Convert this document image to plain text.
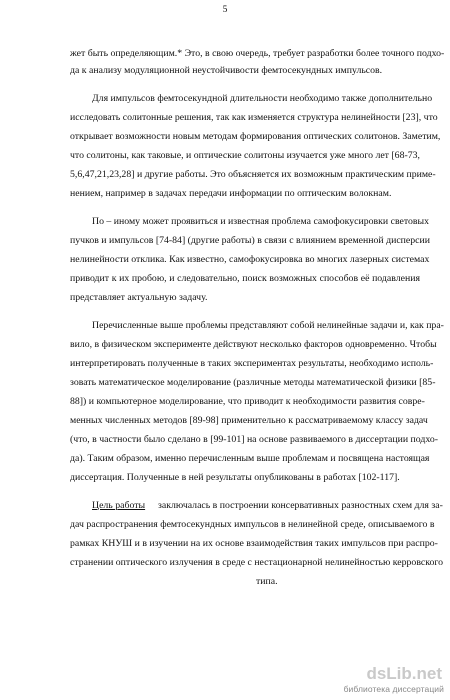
5
жет быть определяющим.* Это, в свою очередь, требует разработки более точного подхо-
да к анализу модуляционной неустойчивости фемтосекундных импульсов.
Для импульсов фемтосекундной длительности необходимо также дополнительно
исследовать солитонные решения, так как изменяется структура нелинейности [23], что
открывает возможности новым методам формирования оптических солитонов. Заметим,
что солитоны, как таковые, и оптические солитоны изучается уже много лет [68-73,
5,6,47,21,23,28] и другие работы. Это объясняется их возможным практическим приме-
нением, например в задачах передачи информации по оптическим волокнам.
По – иному может проявиться и известная проблема самофокусировки световых
пучков и импульсов [74-84] (другие работы) в связи с влиянием временной дисперсии
нелинейности отклика. Как известно, самофокусировка во многих лазерных системах
приводит к их пробою, и следовательно, поиск возможных способов её подавления
представляет актуальную задачу.
Перечисленные выше проблемы представляют собой нелинейные задачи и, как пра-
вило, в физическом эксперименте действуют несколько факторов одновременно. Чтобы
интерпретировать полученные в таких экспериментах результаты, необходимо исполь-
зовать математическое моделирование (различные методы математической физики [85-
88]) и компьютерное моделирование, что приводит к необходимости развития совре-
менных численных методов [89-98] применительно к рассматриваемому классу задач
(что, в частности было сделано в [99-101] на основе развиваемого в диссертации подхо-
да). Таким образом, именно перечисленным выше проблемам и посвящена настоящая
диссертация. Полученные в ней результаты опубликованы в работах [102-117].
Цель работы заключалась в построении консервативных разностных схем для за-
дач распространения фемтосекундных импульсов в нелинейной среде, описываемого в
рамках КНУШ и в изучении на их основе взаимодействия таких импульсов при распро-
странении оптического излучения в среде с нестационарной нелинейностью керровского
типа.
dsLib.net
библиотека диссертаций
